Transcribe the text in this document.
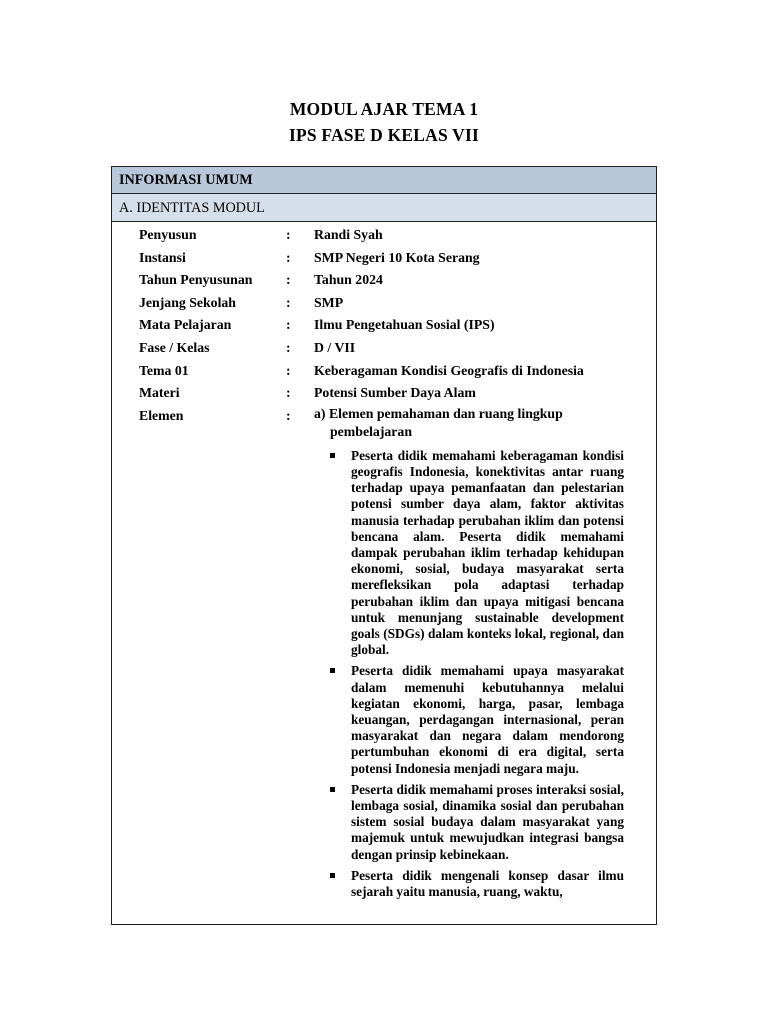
MODUL AJAR TEMA 1
IPS FASE D KELAS VII
INFORMASI UMUM
A. IDENTITAS MODUL
Penyusun	:	Randi Syah
Instansi	:	SMP Negeri 10 Kota Serang
Tahun Penyusunan	:	Tahun 2024
Jenjang Sekolah	:	SMP
Mata Pelajaran	:	Ilmu Pengetahuan Sosial (IPS)
Fase / Kelas	:	D / VII
Tema 01	:	Keberagaman Kondisi Geografis di Indonesia
Materi	:	Potensi Sumber Daya Alam
Elemen	:	a) Elemen pemahaman dan ruang lingkup
pembelajaran
Peserta didik memahami keberagaman kondisi geografis Indonesia, konektivitas antar ruang terhadap upaya pemanfaatan dan pelestarian potensi sumber daya alam, faktor aktivitas manusia terhadap perubahan iklim dan potensi bencana alam. Peserta didik memahami dampak perubahan iklim terhadap kehidupan ekonomi, sosial, budaya masyarakat serta merefleksikan pola adaptasi terhadap perubahan iklim dan upaya mitigasi bencana untuk menunjang sustainable development goals (SDGs) dalam konteks lokal, regional, dan global.
Peserta didik memahami upaya masyarakat dalam memenuhi kebutuhannya melalui kegiatan ekonomi, harga, pasar, lembaga keuangan, perdagangan internasional, peran masyarakat dan negara dalam mendorong pertumbuhan ekonomi di era digital, serta potensi Indonesia menjadi negara maju.
Peserta didik memahami proses interaksi sosial, lembaga sosial, dinamika sosial dan perubahan sistem sosial budaya dalam masyarakat yang majemuk untuk mewujudkan integrasi bangsa dengan prinsip kebinekaan.
Peserta didik mengenali konsep dasar ilmu sejarah yaitu manusia, ruang, waktu,
